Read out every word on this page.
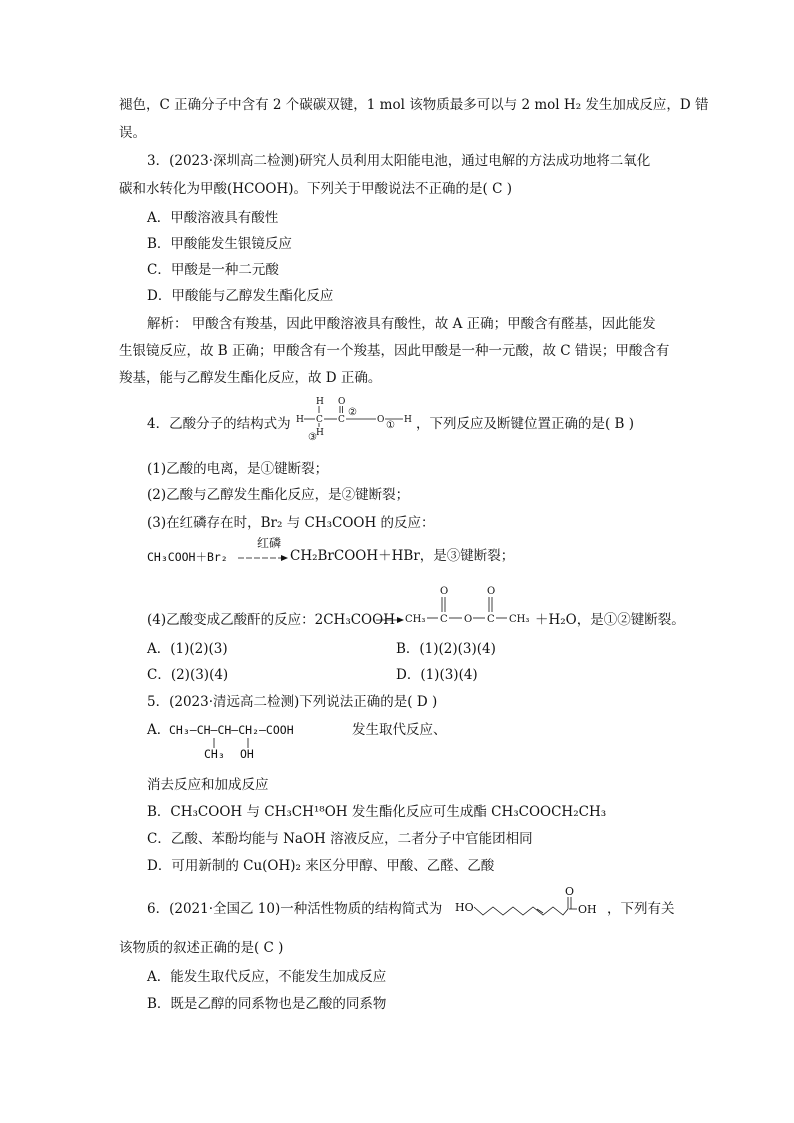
褪色，C 正确分子中含有 2 个碳碳双键，1 mol 该物质最多可以与 2 mol H₂ 发生加成反应，D 错
误。
3．(2023·深圳高二检测)研究人员利用太阳能电池，通过电解的方法成功地将二氧化
碳和水转化为甲酸(HCOOH)。下列关于甲酸说法不正确的是( C )
A．甲酸溶液具有酸性
B．甲酸能发生银镜反应
C．甲酸是一种二元酸
D．甲酸能与乙醇发生酯化反应
解析： 甲酸含有羧基，因此甲酸溶液具有酸性，故 A 正确；甲酸含有醛基，因此能发
生银镜反应，故 B 正确；甲酸含有一个羧基，因此甲酸是一种一元酸，故 C 错误；甲酸含有
羧基，能与乙醇发生酯化反应，故 D 正确。
4．乙酸分子的结构式为
H O
H C C	O H
H
①
②
③
，下列反应及断键位置正确的是( B )
(1)乙酸的电离，是①键断裂；
(2)乙酸与乙醇发生酯化反应，是②键断裂；
(3)在红磷存在时，Br₂ 与 CH₃COOH 的反应：
CH₃COOH＋Br₂
红磷
→ CH₂BrCOOH＋HBr，是③键断裂；
(4)乙酸变成乙酸酐的反应：2CH₃COOH
O	O
CH₃ C O C CH₃ ＋H₂O，是①②键断裂。
A．(1)(2)(3)	B．(1)(2)(3)(4)
C．(2)(3)(4)	D．(1)(3)(4)
5．(2023·清远高二检测)下列说法正确的是( D )
A．
CH₃—CH—CH—CH₂—COOH
CH₃ OH
发生取代反应、
消去反应和加成反应
B．CH₃COOH 与 CH₃CH¹⁸OH 发生酯化反应可生成酯 CH₃COOCH₂CH₃
C．乙酸、苯酚均能与 NaOH 溶液反应，二者分子中官能团相同
D．可用新制的 Cu(OH)₂ 来区分甲醇、甲酸、乙醛、乙酸
6．(2021·全国乙 10)一种活性物质的结构简式为 HO
O
OH ，下列有关
该物质的叙述正确的是( C )
A．能发生取代反应，不能发生加成反应
B．既是乙醇的同系物也是乙酸的同系物
